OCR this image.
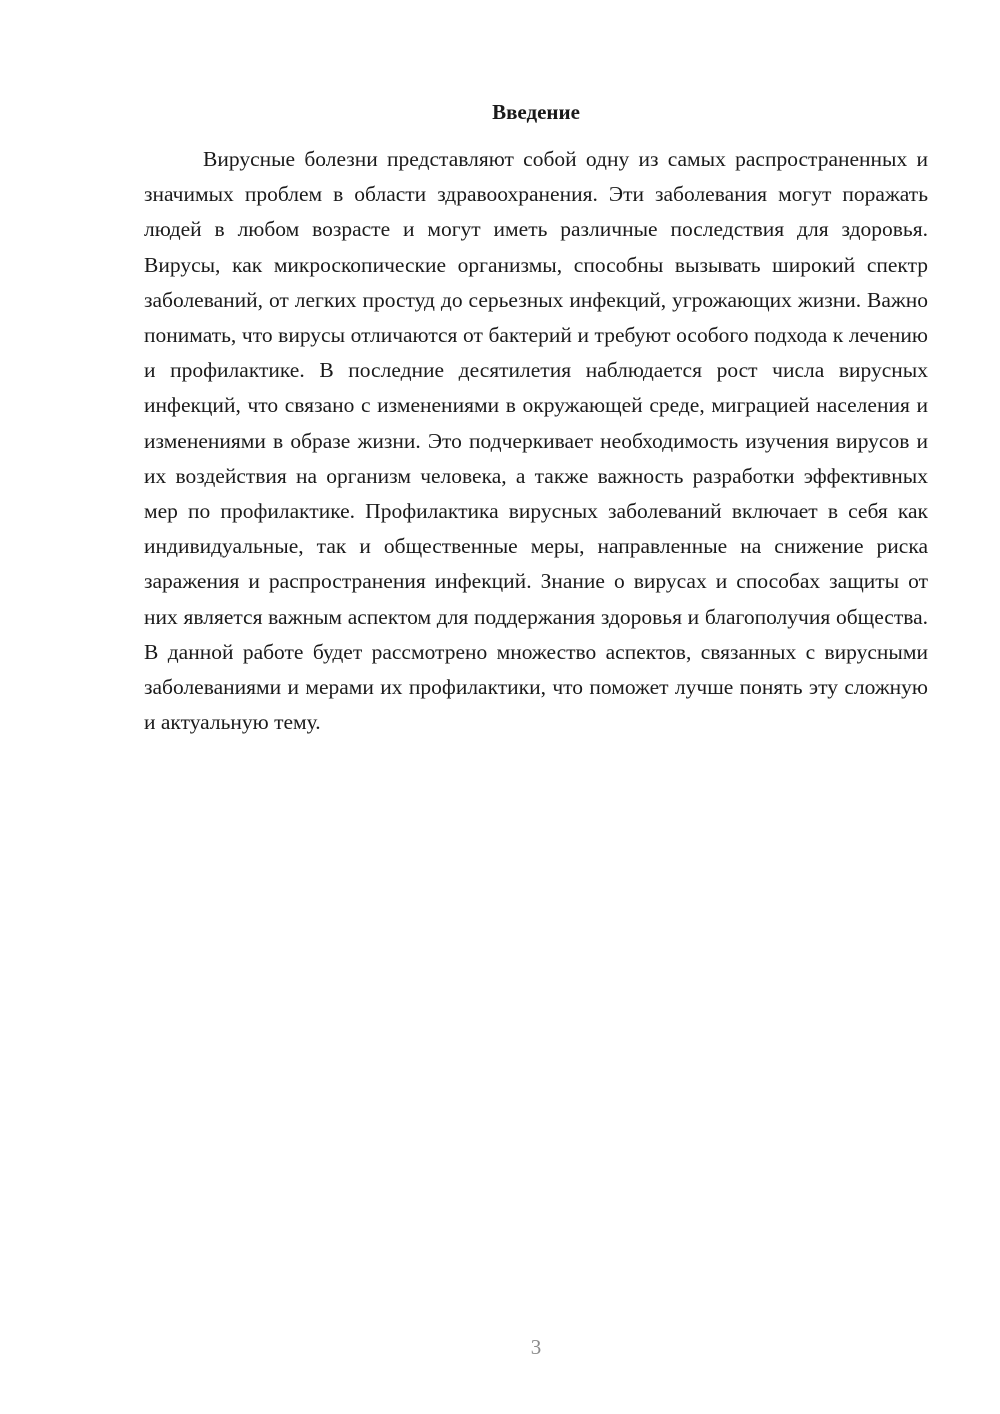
Введение

Вирусные болезни представляют собой одну из самых распространенных и значимых проблем в области здравоохранения. Эти заболевания могут поражать людей в любом возрасте и могут иметь различные последствия для здоровья. Вирусы, как микроскопические организмы, способны вызывать широкий спектр заболеваний, от легких простуд до серьезных инфекций, угрожающих жизни. Важно понимать, что вирусы отличаются от бактерий и требуют особого подхода к лечению и профилактике. В последние десятилетия наблюдается рост числа вирусных инфекций, что связано с изменениями в окружающей среде, миграцией населения и изменениями в образе жизни. Это подчеркивает необходимость изучения вирусов и их воздействия на организм человека, а также важность разработки эффективных мер по профилактике. Профилактика вирусных заболеваний включает в себя как индивидуальные, так и общественные меры, направленные на снижение риска заражения и распространения инфекций. Знание о вирусах и способах защиты от них является важным аспектом для поддержания здоровья и благополучия общества. В данной работе будет рассмотрено множество аспектов, связанных с вирусными заболеваниями и мерами их профилактики, что поможет лучше понять эту сложную и актуальную тему.

3
